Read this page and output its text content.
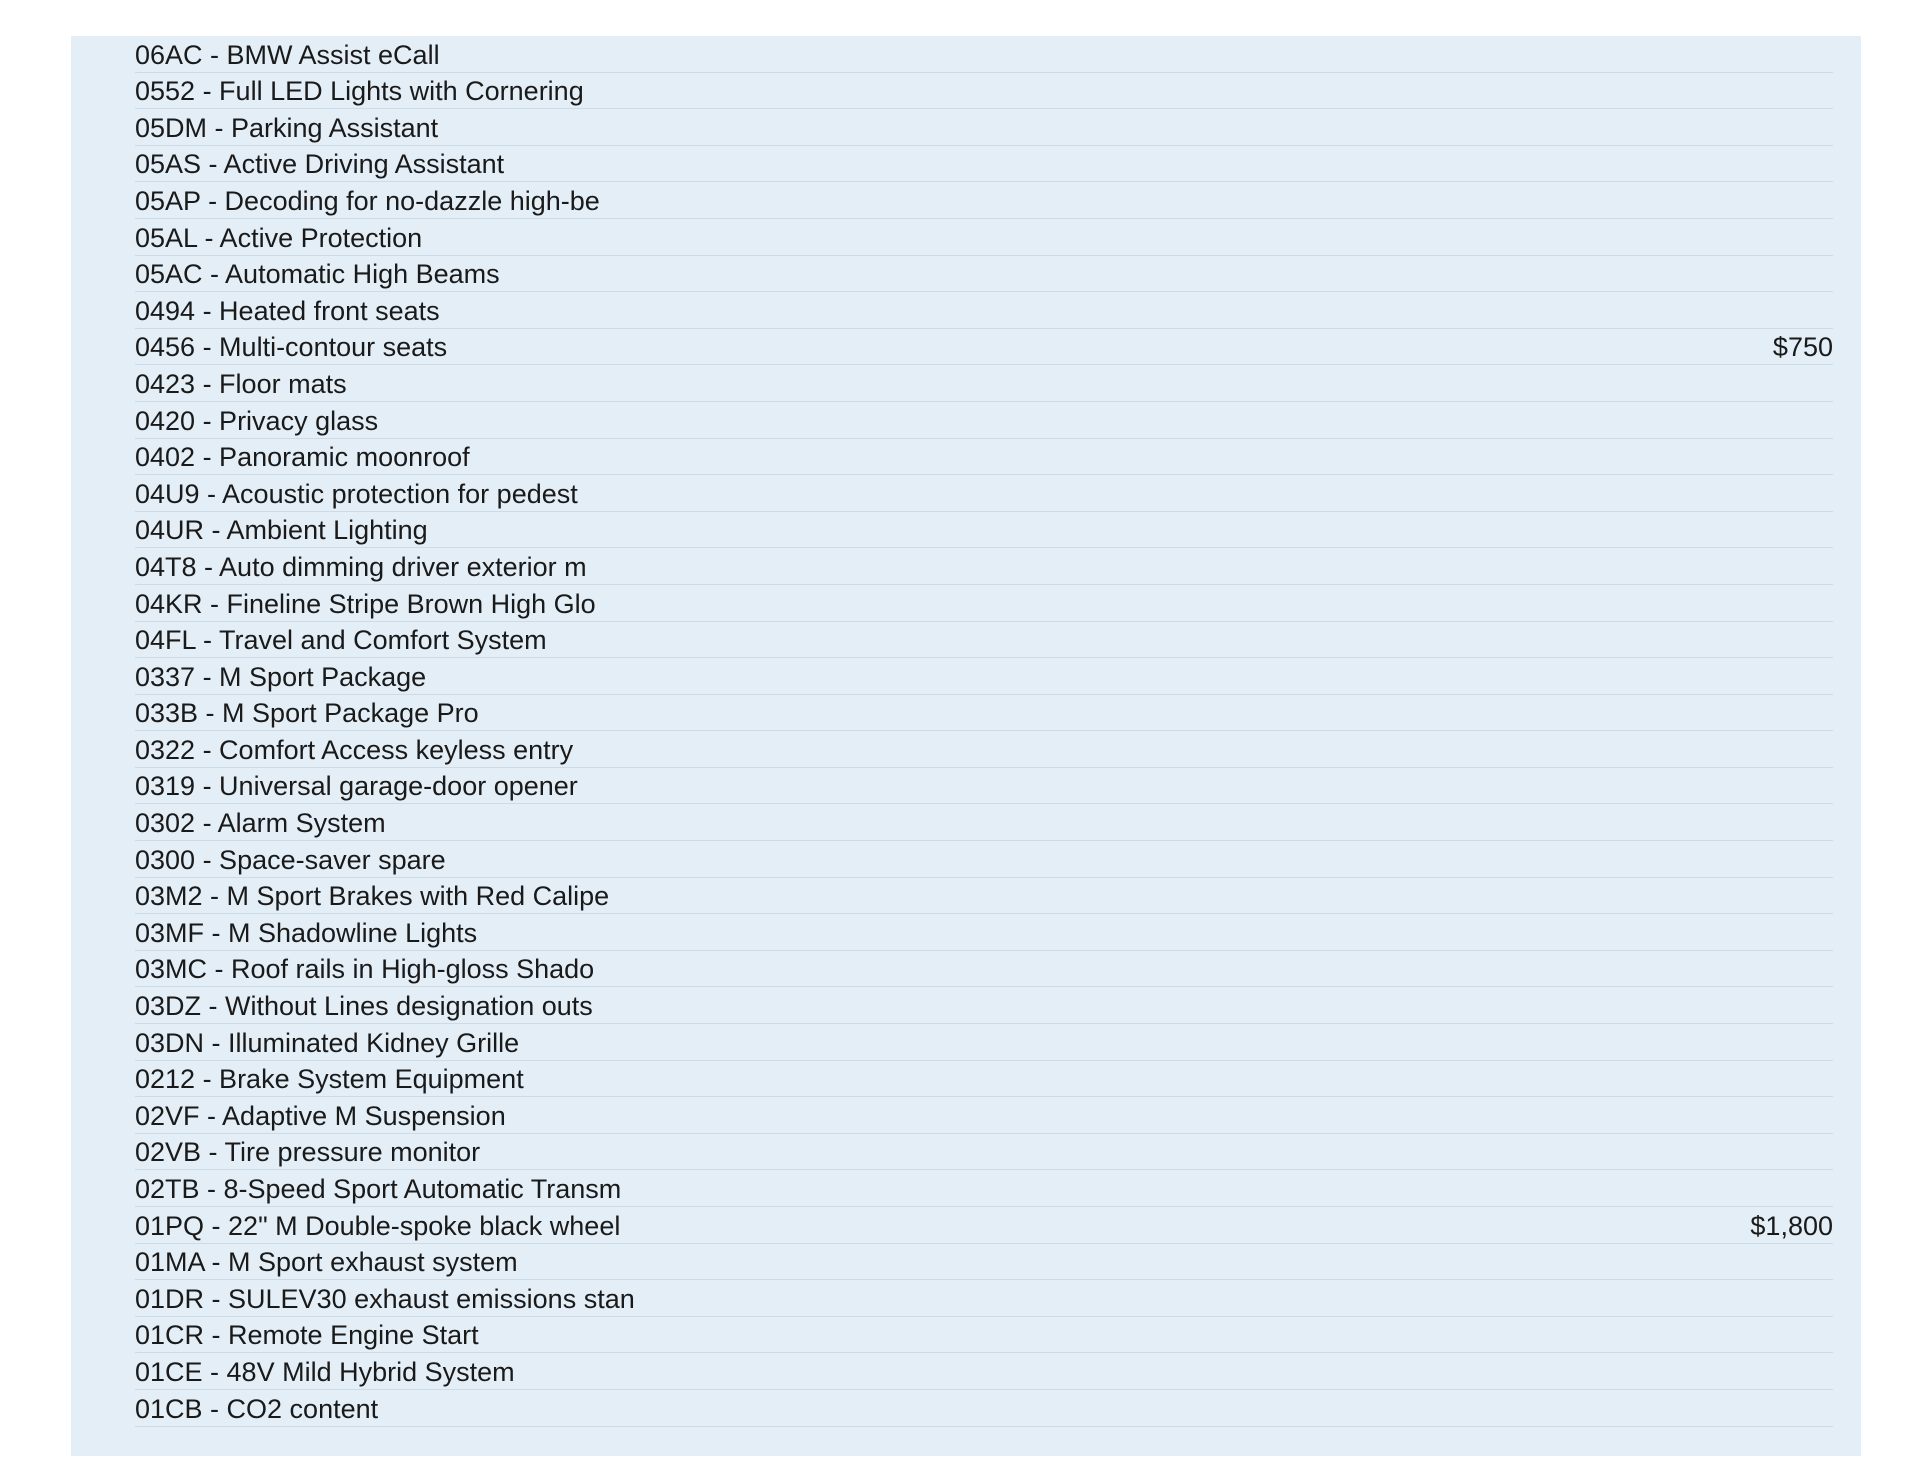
06AC - BMW Assist eCall
0552 - Full LED Lights with Cornering
05DM - Parking Assistant
05AS - Active Driving Assistant
05AP - Decoding for no-dazzle high-be
05AL - Active Protection
05AC - Automatic High Beams
0494 - Heated front seats
0456 - Multi-contour seats	$750
0423 - Floor mats
0420 - Privacy glass
0402 - Panoramic moonroof
04U9 - Acoustic protection for pedest
04UR - Ambient Lighting
04T8 - Auto dimming driver exterior m
04KR - Fineline Stripe Brown High Glo
04FL - Travel and Comfort System
0337 - M Sport Package
033B - M Sport Package Pro
0322 - Comfort Access keyless entry
0319 - Universal garage-door opener
0302 - Alarm System
0300 - Space-saver spare
03M2 - M Sport Brakes with Red Calipe
03MF - M Shadowline Lights
03MC - Roof rails in High-gloss Shado
03DZ - Without Lines designation outs
03DN - Illuminated Kidney Grille
0212 - Brake System Equipment
02VF - Adaptive M Suspension
02VB - Tire pressure monitor
02TB - 8-Speed Sport Automatic Transm
01PQ - 22" M Double-spoke black wheel	$1,800
01MA - M Sport exhaust system
01DR - SULEV30 exhaust emissions stan
01CR - Remote Engine Start
01CE - 48V Mild Hybrid System
01CB - CO2 content
